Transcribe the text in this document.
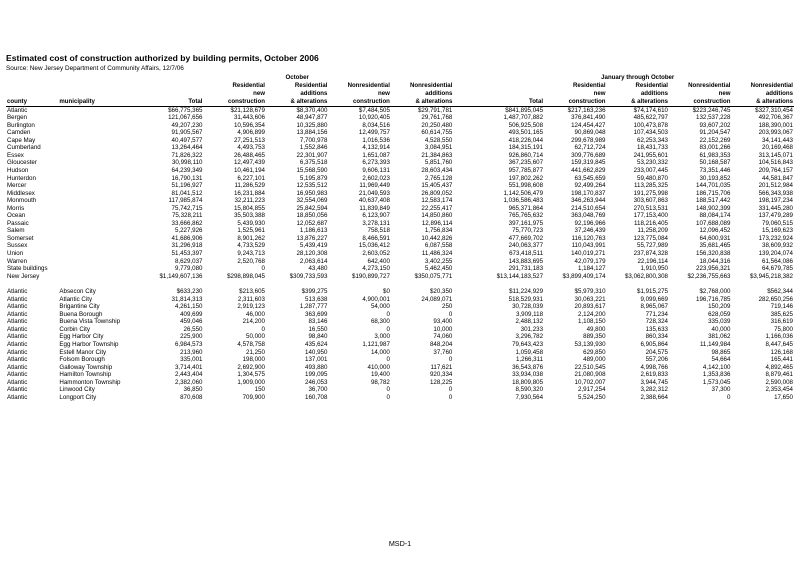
Estimated cost of construction authorized by building permits, October 2006
Source: New Jersey Department of Community Affairs, 12/7/06
				October				January through October			
			Residential	Residential	Nonresidential	Nonresidential		Residential	Residential	Nonresidential	Nonresidential
			new	additions	new	additions		new	additions	new	additions
county	municipality	Total	construction	& alterations	construction	& alterations	Total	construction	& alterations	construction	& alterations
Atlantic		$66,775,365	$21,128,679	$8,370,400	$7,484,505	$29,791,781	$841,895,045	$217,163,236	$74,174,610	$223,246,745	$327,310,454
Bergen		121,067,656	31,443,606	48,947,877	10,920,405	29,761,768	1,487,707,882	376,841,490	485,622,797	132,537,228	492,706,367
Burlington		49,207,230	10,596,354	10,325,880	8,034,516	20,250,480	506,925,508	124,454,427	100,473,878	93,607,202	188,390,001
Camden		91,905,567	4,906,899	13,884,156	12,499,757	60,614,755	493,501,165	90,869,048	107,434,503	91,204,547	203,993,067
Cape May		40,497,577	27,251,513	7,700,978	1,016,536	4,528,550	418,226,044	299,678,989	62,253,343	22,152,269	34,141,443
Cumberland		13,264,464	4,493,753	1,552,846	4,132,914	3,084,951	184,315,191	62,712,724	18,431,733	83,001,266	20,169,468
Essex		71,826,322	26,488,465	22,301,907	1,651,087	21,384,863	926,860,714	309,776,689	241,955,601	61,983,353	313,145,071
Gloucester		30,998,110	12,497,439	6,375,518	6,273,393	5,851,760	367,235,607	159,319,845	53,230,332	50,168,587	104,516,843
Hudson		64,239,349	10,461,194	15,568,590	9,606,131	28,603,434	957,785,877	441,662,829	233,007,445	73,351,446	209,764,157
Hunterdon		16,790,131	6,227,101	5,195,879	2,602,023	2,765,128	197,802,262	63,545,659	59,480,870	30,193,852	44,581,847
Mercer		51,196,927	11,286,529	12,535,512	11,969,449	15,405,437	551,998,608	92,499,264	113,285,325	144,701,035	201,512,984
Middlesex		81,041,512	16,231,884	16,950,983	21,049,593	26,809,052	1,142,506,479	198,170,837	191,275,998	186,715,706	566,343,938
Monmouth		117,985,874	32,211,223	32,554,069	40,637,408	12,583,174	1,036,586,483	346,263,944	303,607,863	188,517,442	198,197,234
Morris		75,742,715	15,804,855	25,842,594	11,839,849	22,255,417	965,371,864	214,510,654	270,513,531	148,902,399	331,445,280
Ocean		75,328,211	35,503,388	18,850,056	6,123,907	14,850,860	765,765,632	363,048,769	177,153,400	88,084,174	137,479,289
Passaic		33,666,862	5,439,930	12,052,687	3,278,131	12,896,114	397,161,975	92,196,966	118,216,405	107,688,089	79,060,515
Salem		5,227,926	1,525,961	1,186,613	758,518	1,756,834	75,770,723	37,246,439	11,258,209	12,096,452	15,169,623
Somerset		41,686,906	8,901,262	13,876,227	8,466,591	10,442,826	477,669,702	116,120,763	123,775,084	64,600,931	173,232,924
Sussex		31,296,918	4,733,529	5,439,419	15,036,412	6,087,558	240,063,377	110,043,991	55,727,989	35,681,465	38,609,932
Union		51,453,397	9,243,713	28,120,308	2,603,052	11,486,324	673,418,511	140,019,271	237,874,328	156,320,838	139,204,074
Warren		8,629,037	2,520,768	2,063,614	642,400	3,402,255	143,883,695	42,079,179	22,196,114	18,044,316	61,564,086
State buildings		9,779,080	0	43,480	4,273,150	5,462,450	291,731,183	1,184,127	1,910,950	223,956,321	64,679,785
New Jersey		$1,149,607,136	$298,898,045	$309,733,593	$190,899,727	$350,075,771	$13,144,183,527	$3,899,409,174	$3,062,800,308	$2,236,755,663	$3,945,218,382

Atlantic	Absecon City	$633,230	$213,605	$399,275	$0	$20,350	$11,224,929	$5,979,310	$1,915,275	$2,768,000	$562,344
Atlantic	Atlantic City	31,814,313	2,311,603	513,638	4,900,001	24,089,071	518,529,931	30,063,221	9,099,669	196,716,785	282,650,256
Atlantic	Brigantine City	4,261,150	2,919,123	1,287,777	54,000	250	30,728,039	20,893,617	8,965,067	150,209	719,146
Atlantic	Buena Borough	409,699	46,000	363,699	0	0	3,909,118	2,124,200	771,234	628,059	385,625
Atlantic	Buena Vista Township	459,046	214,200	83,146	68,300	93,400	2,488,132	1,108,150	728,324	335,039	316,619
Atlantic	Corbin City	26,550	0	16,550	0	10,000	301,233	49,800	135,633	40,000	75,800
Atlantic	Egg Harbor City	225,900	50,000	98,840	3,000	74,060	3,296,782	889,350	860,334	381,062	1,166,036
Atlantic	Egg Harbor Township	6,984,573	4,578,758	435,624	1,121,987	848,204	79,643,423	53,139,930	6,905,864	11,149,984	8,447,645
Atlantic	Estell Manor City	213,960	21,250	140,950	14,000	37,760	1,059,458	629,850	204,575	98,865	126,168
Atlantic	Folsom Borough	335,001	198,000	137,001	0	0	1,266,311	489,000	557,206	54,664	165,441
Atlantic	Galloway Township	3,714,401	2,692,900	493,880	410,000	117,621	36,543,876	22,510,545	4,998,766	4,142,100	4,892,465
Atlantic	Hamilton Township	2,443,404	1,304,575	199,095	19,400	920,334	33,934,038	21,080,908	2,619,833	1,353,836	8,879,461
Atlantic	Hammonton Township	2,382,060	1,909,000	246,053	98,782	128,225	18,809,805	10,702,007	3,944,745	1,573,045	2,590,008
Atlantic	Linwood City	36,850	150	36,700	0	0	8,590,320	2,917,254	3,282,312	37,300	2,353,454
Atlantic	Longport City	870,608	709,900	160,708	0	0	7,930,564	5,524,250	2,388,664	0	17,650
MSD-1
